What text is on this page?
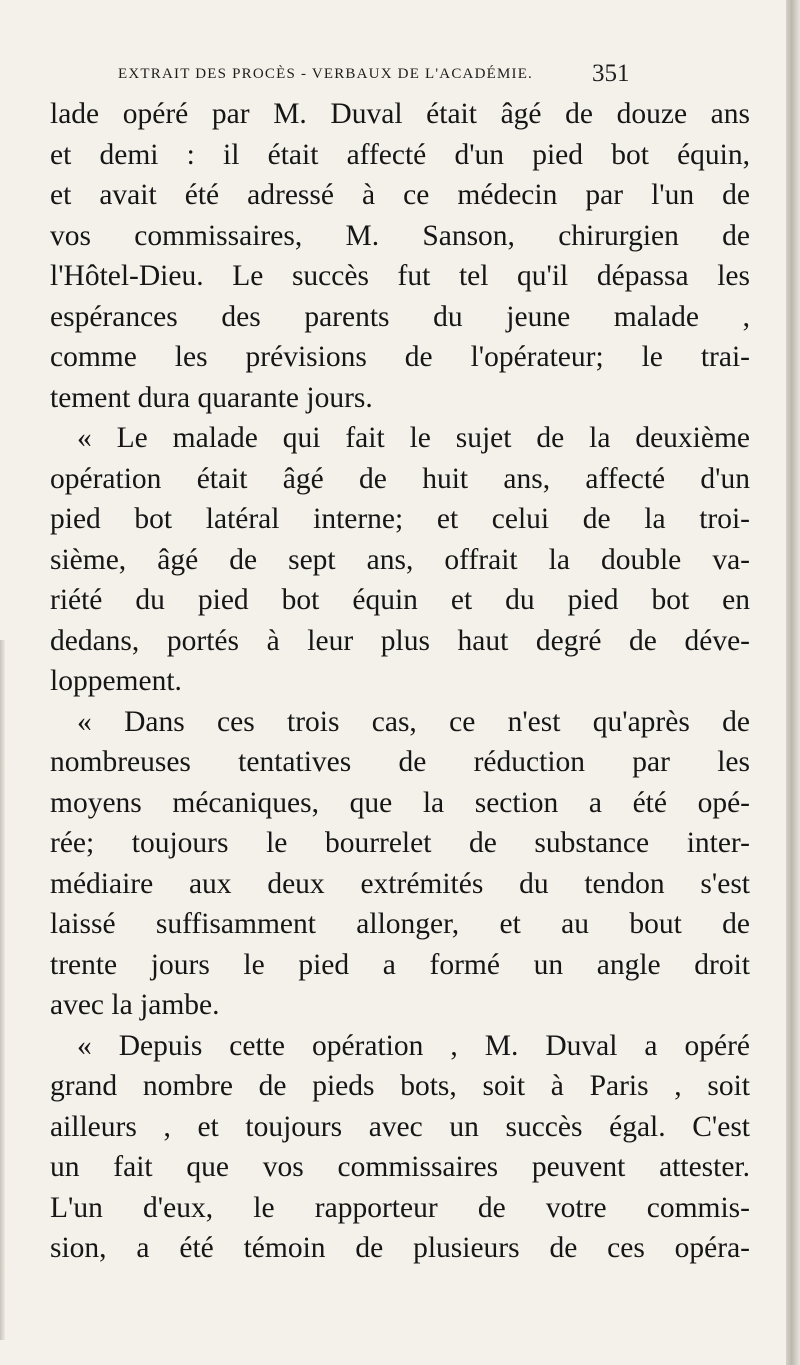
EXTRAIT DES PROCÈS - VERBAUX DE L'ACADÉMIE. 351
lade opéré par M. Duval était âgé de douze ans
et demi : il était affecté d'un pied bot équin,
et avait été adressé à ce médecin par l'un de
vos commissaires, M. Sanson, chirurgien de
l'Hôtel-Dieu. Le succès fut tel qu'il dépassa les
espérances des parents du jeune malade ,
comme les prévisions de l'opérateur; le trai-
tement dura quarante jours.
« Le malade qui fait le sujet de la deuxième
opération était âgé de huit ans, affecté d'un
pied bot latéral interne; et celui de la troi-
sième, âgé de sept ans, offrait la double va-
riété du pied bot équin et du pied bot en
dedans, portés à leur plus haut degré de déve-
loppement.
« Dans ces trois cas, ce n'est qu'après de
nombreuses tentatives de réduction par les
moyens mécaniques, que la section a été opé-
rée; toujours le bourrelet de substance inter-
médiaire aux deux extrémités du tendon s'est
laissé suffisamment allonger, et au bout de
trente jours le pied a formé un angle droit
avec la jambe.
« Depuis cette opération , M. Duval a opéré
grand nombre de pieds bots, soit à Paris , soit
ailleurs , et toujours avec un succès égal. C'est
un fait que vos commissaires peuvent attester.
L'un d'eux, le rapporteur de votre commis-
sion, a été témoin de plusieurs de ces opéra-
